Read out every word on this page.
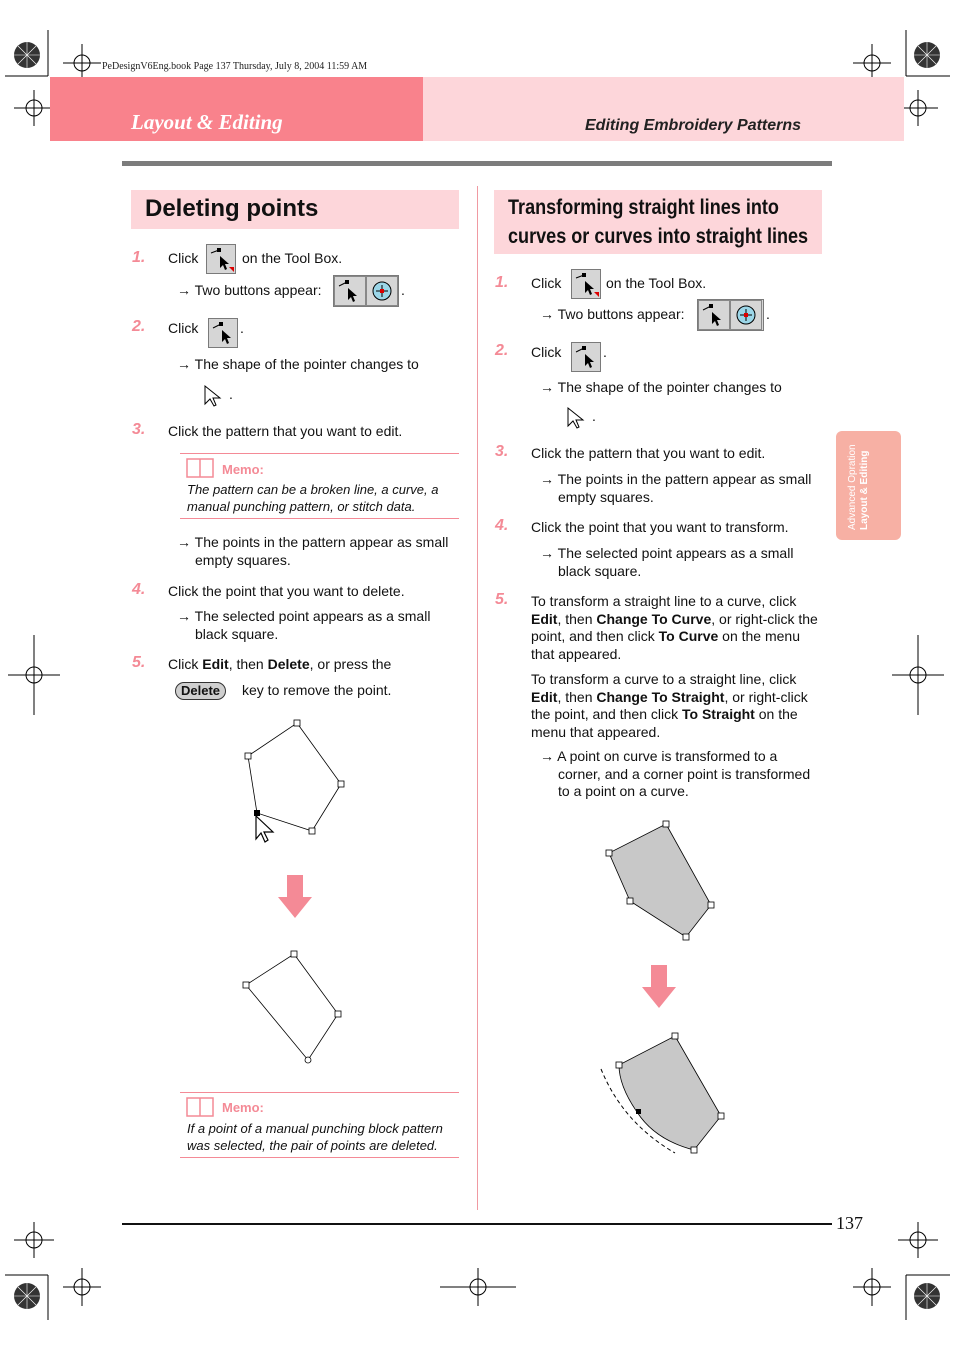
PeDesignV6Eng.book Page 137 Thursday, July 8, 2004 11:59 AM
Layout & Editing	Editing Embroidery Patterns
Deleting points
1. Click	on the Tool Box.
→ Two buttons appear:	.
2. Click	.
→ The shape of the pointer changes to
.
3. Click the pattern that you want to edit.
Memo:
The pattern can be a broken line, a curve, a manual punching pattern, or stitch data.
→ The points in the pattern appear as small empty squares.
4. Click the point that you want to delete.
→ The selected point appears as a small black square.
5. Click Edit, then Delete, or press the
Delete	key to remove the point.
Memo:
If a point of a manual punching block pattern was selected, the pair of points are deleted.
Transforming straight lines into
curves or curves into straight lines
1. Click	on the Tool Box.
→ Two buttons appear:	.
2. Click	.
→ The shape of the pointer changes to
.
3. Click the pattern that you want to edit.
→ The points in the pattern appear as small empty squares.
4. Click the point that you want to transform.
→ The selected point appears as a small black square.
5. To transform a straight line to a curve, click Edit, then Change To Curve, or right-click the point, and then click To Curve on the menu that appeared.
To transform a curve to a straight line, click Edit, then Change To Straight, or right-click the point, and then click To Straight on the menu that appeared.
→ A point on curve is transformed to a corner, and a corner point is transformed to a point on a curve.
Advanced Opration Layout & Editing
137
